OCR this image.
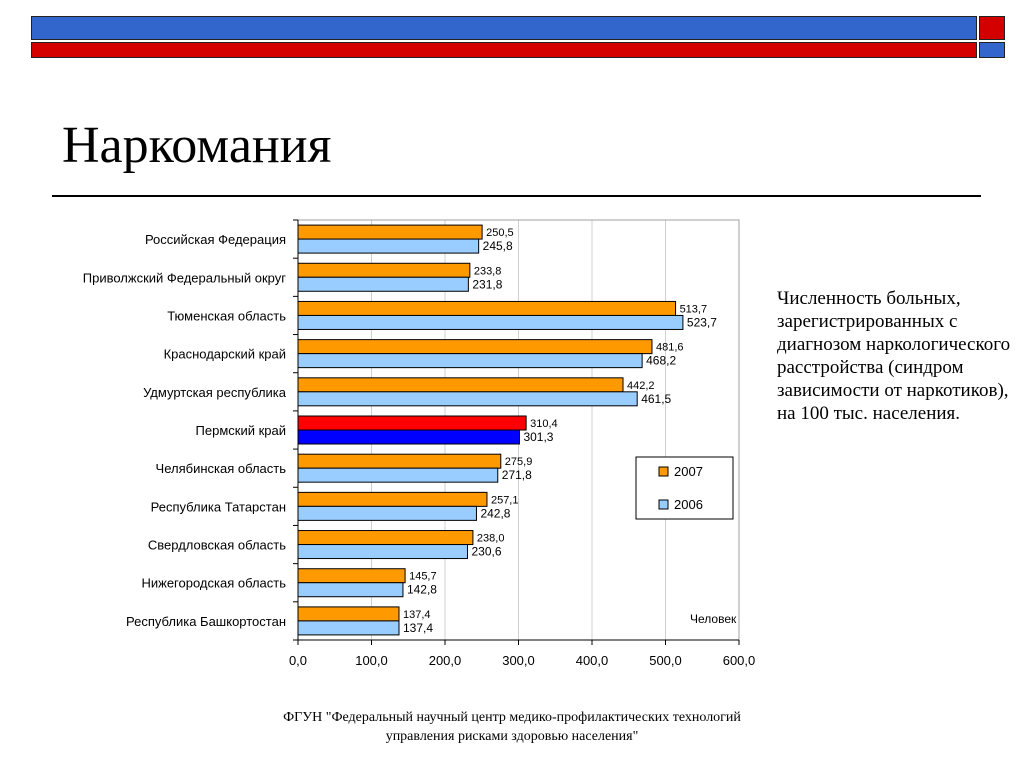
Наркомания
0,0	100,0	200,0	300,0	400,0	500,0	600,0
Российская Федерация	250,5
245,8
Приволжский Федеральный округ	233,8
231,8
Тюменская область	513,7
523,7
Краснодарский край	481,6
468,2
Удмуртская республика	442,2
461,5
Пермский край	310,4
301,3
Челябинская область	275,9
271,8
Республика Татарстан	257,1
242,8
Свердловская область	238,0
230,6
Нижегородская область	145,7
142,8
Республика Башкортостан	137,4
137,4
Человек
2007
2006
Численность больных, зарегистрированных с диагнозом наркологического расстройства (синдром зависимости от наркотиков), на 100 тыс. населения.
ФГУН "Федеральный научный центр медико-профилактических технологий
управления рисками здоровью населения"
